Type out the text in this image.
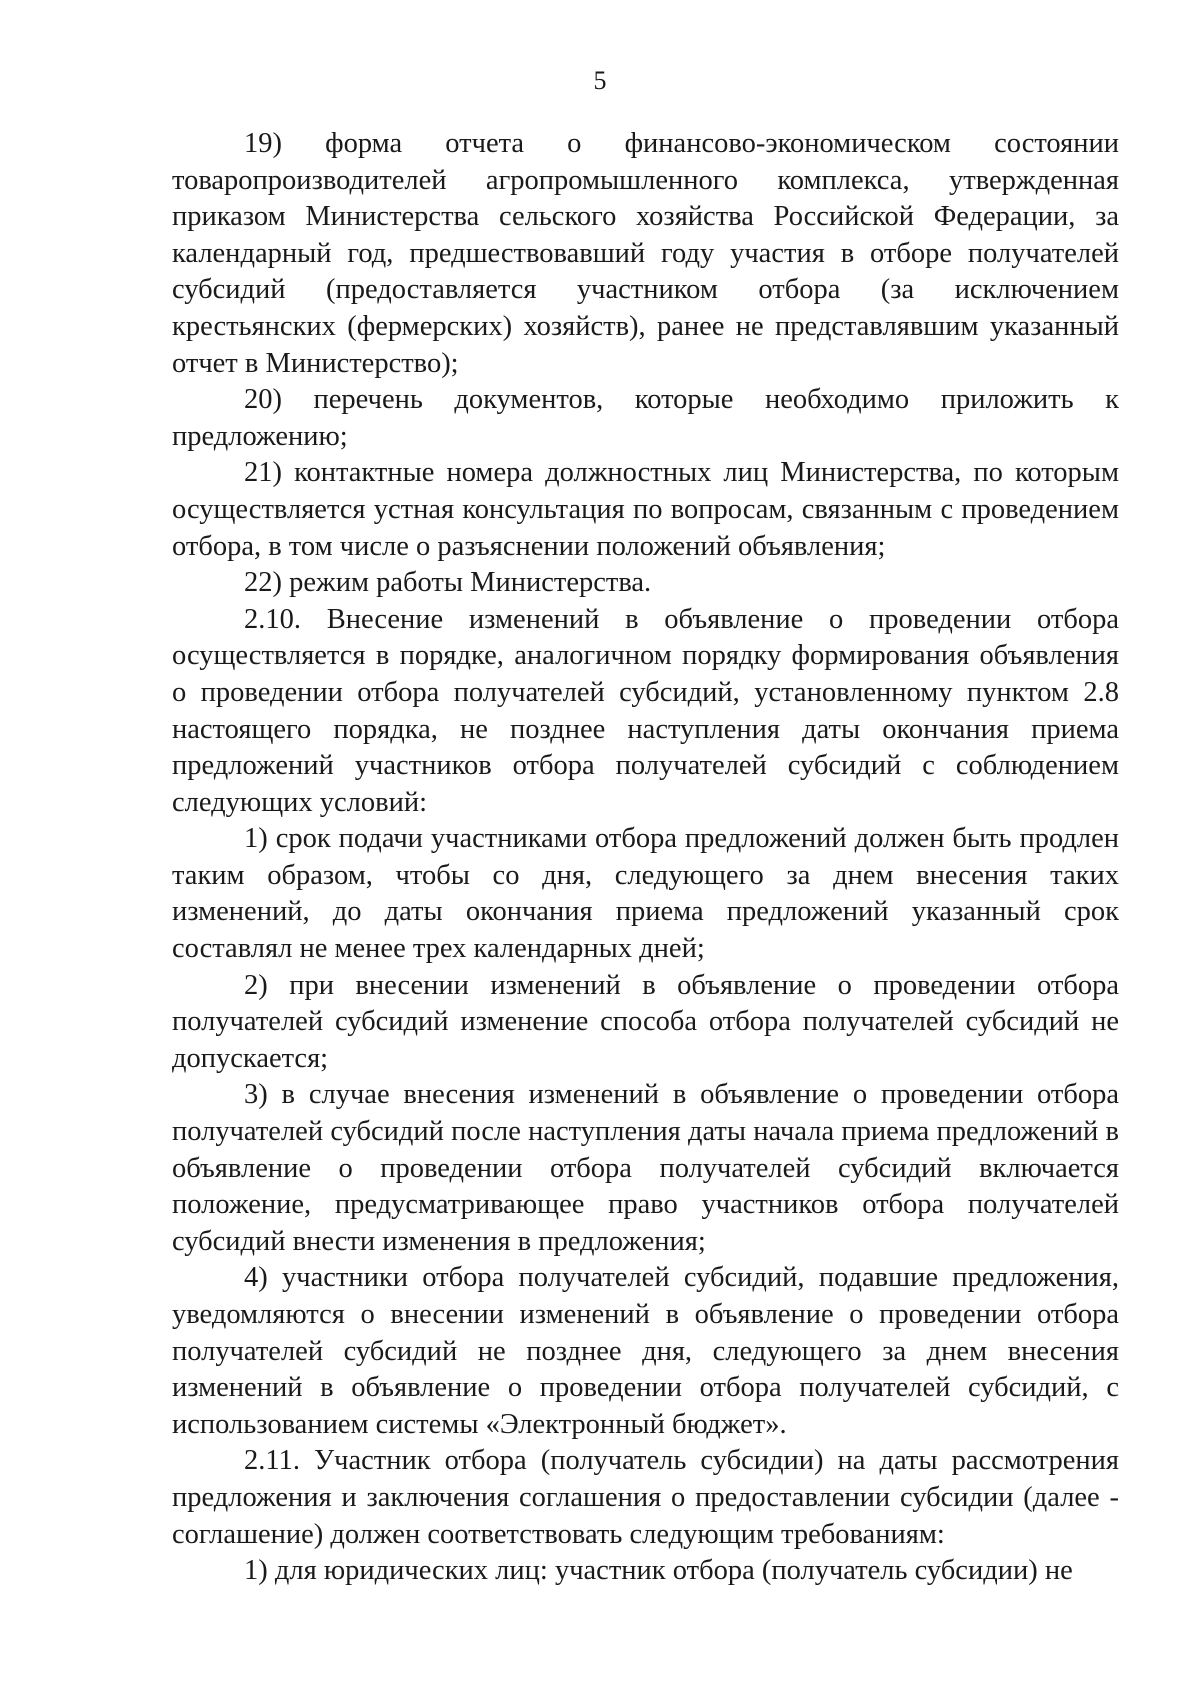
5

19) форма отчета о финансово-экономическом состоянии товаропроизводителей агропромышленного комплекса, утвержденная приказом Министерства сельского хозяйства Российской Федерации, за календарный год, предшествовавший году участия в отборе получателей субсидий (предоставляется участником отбора (за исключением крестьянских (фермерских) хозяйств), ранее не представлявшим указанный отчет в Министерство);

20) перечень документов, которые необходимо приложить к предложению;

21) контактные номера должностных лиц Министерства, по которым осуществляется устная консультация по вопросам, связанным с проведением отбора, в том числе о разъяснении положений объявления;

22) режим работы Министерства.

2.10. Внесение изменений в объявление о проведении отбора осуществляется в порядке, аналогичном порядку формирования объявления о проведении отбора получателей субсидий, установленному пунктом 2.8 настоящего порядка, не позднее наступления даты окончания приема предложений участников отбора получателей субсидий с соблюдением следующих условий:

1) срок подачи участниками отбора предложений должен быть продлен таким образом, чтобы со дня, следующего за днем внесения таких изменений, до даты окончания приема предложений указанный срок составлял не менее трех календарных дней;

2) при внесении изменений в объявление о проведении отбора получателей субсидий изменение способа отбора получателей субсидий не допускается;

3) в случае внесения изменений в объявление о проведении отбора получателей субсидий после наступления даты начала приема предложений в объявление о проведении отбора получателей субсидий включается положение, предусматривающее право участников отбора получателей субсидий внести изменения в предложения;

4) участники отбора получателей субсидий, подавшие предложения, уведомляются о внесении изменений в объявление о проведении отбора получателей субсидий не позднее дня, следующего за днем внесения изменений в объявление о проведении отбора получателей субсидий, с использованием системы «Электронный бюджет».

2.11. Участник отбора (получатель субсидии) на даты рассмотрения предложения и заключения соглашения о предоставлении субсидии (далее - соглашение) должен соответствовать следующим требованиям:

1) для юридических лиц: участник отбора (получатель субсидии) не
